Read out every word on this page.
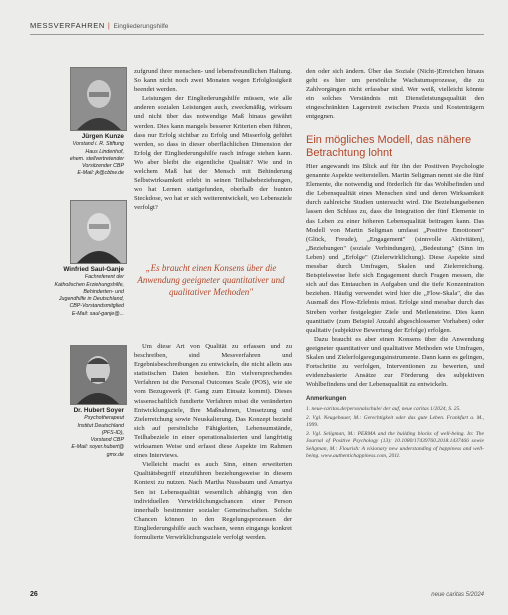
MESSVERFAHREN | Eingliederungshilfe
Jürgen Kunze
Vorstand i. R. Stiftung
Haus Lindenhof,
ehem. stellvertretender
Vorsitzender CBP
E-Mail: jk@cbbw.de
Winfried Saul-Ganje
Fachreferent der
Katholischen Erziehungshilfe,
Behinderten- und
Jugendhilfe in Deutschland,
CBP-Vorstandsmitglied
E-Mail: saul-ganje@...
Dr. Hubert Soyer
Psychotherapeut
Institut Deutschland
(PFS-ID),
Vorstand CBP
E-Mail: soyer.hubert@
gmx.de

zufgrund ihrer menschen- und lebensfreundlichen Haltung. So kann nicht noch zwei Monaten wegen Erfolglosigkeit beendet werden.

Leistungen der Eingliederungshilfe müssen, wie alle anderen sozialen Leistungen auch, zweckmäßig, wirksam und nicht über das notwendige Maß hinaus gewährt werden. Dies kann mangels besserer Kriterien eben führen, dass nur Erfolg sichtbar zu Erfolg und Misserfolg geführt werden, so dass in dieser oberflächlichen Dimension der Erfolg der Eingliederungshilfe rasch infrage stehen kann. Wo aber bleibt die eigentliche Qualität? Wie und in welchem Maß hat der Mensch mit Behinderung Selbstwirksamkeit erlebt in seinen Teilhabebeziehungen, wo hat Lernen stattgefunden, oberhalb der bunten Steckdose, wo hat er sich weiterentwickelt, wo Lebensziele verfolgt?

„Es braucht einen Konsens über die Anwendung geeigneter quantitativer und qualitativer Methoden"

Um diese Art von Qualität zu erfassen und zu beschreiben, sind Messverfahren und Ergebnisbeschreibungen zu entwickeln, die nicht allein aus statistischen Daten bestehen. Ein vielversprechendes Verfahren ist die Personal Outcomes Scale (POS), wie sie vom Bezugswerk (F. Gang zum Einsatz kommt). Dieses wissenschaftlich fundierte Verfahren misst die veränderten Entwicklungsziele, Ihre Maßnahmen, Umsetzung und Zielerreichung sowie Neuskalierung. Das Konzept bezieht sich auf persönliche Fähigkeiten, Lebensumstände, Teilhabeziele in einer operationalisierten und langfristig wirksamen Weise und erfasst diese Aspekte im Rahmen eines Interviews.

Vielleicht macht es auch Sinn, einen erweiterten Qualitätsbegriff einzuführen beziehungsweise in diesem Kontext zu nutzen. Nach Martha Nussbaum und Amartya Sen ist Lebensqualität wesentlich abhängig von den individuellen Verwirklichungschancen einer Person innerhalb bestimmter sozialer Gemeinschaften. Solche Chancen können in den Regelungsprozessen der Eingliederungshilfe auch wachsen, wenn eingangs konkret formulierte Verwirklichungsziele verfolgt werden.

den oder sich ändern. Über das Soziale (Nicht-)Erreichen hinaus geht es hier um persönliche Wachstumsprozesse, die zu Zahlvorgängen nicht erfassbar sind. Wer weiß, vielleicht könnte ein solches Verständnis mit Dienstleistungsqualität den eingeschränkten Lagerstreit zwischen Praxis und Kostenträgern entgegnen.

Ein mögliches Modell, das nähere Betrachtung lohnt

Hier angewandt ins Blick auf für ihn der Positiven Psychologie genannte Aspekte weiterstellen. Martin Seligman nennt sie die fünf Elemente, die notwendig und förderlich für das Wohlbefinden und die Lebensqualität eines Menschen sind und deren Wirksamkeit durch zahlreiche Studien untersucht wird. Die Beziehungsebenen lassen den Schluss zu, dass die Integration der fünf Elemente in das Leben zu einer höheren Lebensqualität beitragen kann. Das Modell von Martin Seligman umfasst „Positive Emotionen" (Glück, Freude), „Engagement" (sinnvolle Aktivitäten), „Beziehungen" (soziale Verbindungen), „Bedeutung" (Sinn im Leben) und „Erfolge" (Zielerwirklichung). Diese Aspekte sind messbar durch Umfragen, Skalen und Zielerreichung. Beispielsweise liefe sich Engagement durch Fragen messen, die sich auf das Eintauchen in Aufgaben und die tiefe Konzentration beziehen. Häufig verwendet wird hier die „Flow-Skala", die das Ausmaß des Flow-Erlebnis misst. Erfolge sind messbar durch das Streben vorher festgelegter Ziele und Meilensteine. Dies kann quantitativ (zum Beispiel Anzahl abgeschlossener Vorhaben) oder qualitativ (subjektive Bewertung der Erfolge) erfolgen.

Dazu braucht es aber einen Konsens über die Anwendung geeigneter quantitativer und qualitativer Methoden wie Umfragen, Skalen und Zielerfolgsregungsinstrumente. Dann kann es gelingen, Fortschritte zu verfolgen, Interventionen zu bewerten, und evidenzbasierte Ansätze zur Förderung des subjektiven Wohlbefindens und der Lebensqualität zu entwickeln.

Anmerkungen
1. neue-caritas.de/personalschule/ der auf, neue caritas 1/2024, S. 25.
2. Vgl. Neugebauer, M.: Gerechtigkeit oder das gute Leben. Frankfurt a. M., 1999.
3. Vgl. Seligman, M.: PERMA and the building blocks of well-being. In: The Journal of Positive Psychology (13): 10.1080/17439760.2018.1437466 sowie Seligman, M.: Flourish: A visionary new understanding of happiness and well-being. www.authentichappiness.com, 2011.
26	neue caritas 5/2024
